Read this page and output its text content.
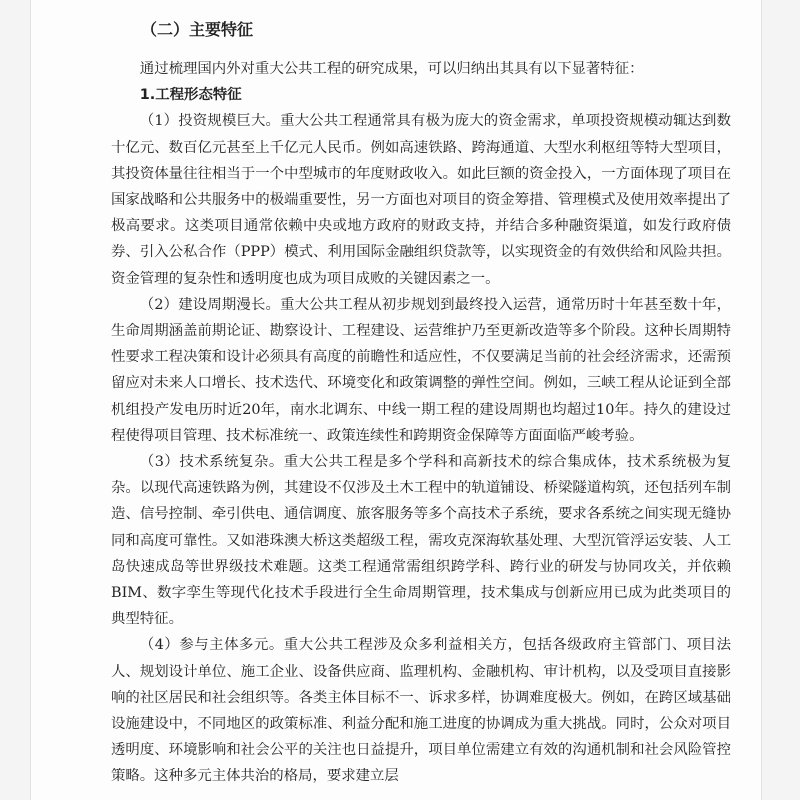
（二）主要特征

通过梳理国内外对重大公共工程的研究成果，可以归纳出其具有以下显著特征：

1.工程形态特征

（1）投资规模巨大。重大公共工程通常具有极为庞大的资金需求，单项投资规模动辄达到数十亿元、数百亿元甚至上千亿元人民币。例如高速铁路、跨海通道、大型水利枢纽等特大型项目，其投资体量往往相当于一个中型城市的年度财政收入。如此巨额的资金投入，一方面体现了项目在国家战略和公共服务中的极端重要性，另一方面也对项目的资金筹措、管理模式及使用效率提出了极高要求。这类项目通常依赖中央或地方政府的财政支持，并结合多种融资渠道，如发行政府债券、引入公私合作（PPP）模式、利用国际金融组织贷款等，以实现资金的有效供给和风险共担。资金管理的复杂性和透明度也成为项目成败的关键因素之一。

（2）建设周期漫长。重大公共工程从初步规划到最终投入运营，通常历时十年甚至数十年，生命周期涵盖前期论证、勘察设计、工程建设、运营维护乃至更新改造等多个阶段。这种长周期特性要求工程决策和设计必须具有高度的前瞻性和适应性，不仅要满足当前的社会经济需求，还需预留应对未来人口增长、技术迭代、环境变化和政策调整的弹性空间。例如，三峡工程从论证到全部机组投产发电历时近20年，南水北调东、中线一期工程的建设周期也均超过10年。持久的建设过程使得项目管理、技术标准统一、政策连续性和跨期资金保障等方面面临严峻考验。

（3）技术系统复杂。重大公共工程是多个学科和高新技术的综合集成体，技术系统极为复杂。以现代高速铁路为例，其建设不仅涉及土木工程中的轨道铺设、桥梁隧道构筑，还包括列车制造、信号控制、牵引供电、通信调度、旅客服务等多个高技术子系统，要求各系统之间实现无缝协同和高度可靠性。又如港珠澳大桥这类超级工程，需攻克深海软基处理、大型沉管浮运安装、人工岛快速成岛等世界级技术难题。这类工程通常需组织跨学科、跨行业的研发与协同攻关，并依赖BIM、数字孪生等现代化技术手段进行全生命周期管理，技术集成与创新应用已成为此类项目的典型特征。

（4）参与主体多元。重大公共工程涉及众多利益相关方，包括各级政府主管部门、项目法人、规划设计单位、施工企业、设备供应商、监理机构、金融机构、审计机构，以及受项目直接影响的社区居民和社会组织等。各类主体目标不一、诉求多样，协调难度极大。例如，在跨区域基础设施建设中，不同地区的政策标准、利益分配和施工进度的协调成为重大挑战。同时，公众对项目透明度、环境影响和社会公平的关注也日益提升，项目单位需建立有效的沟通机制和社会风险管控策略。这种多元主体共治的格局，要求建立层
